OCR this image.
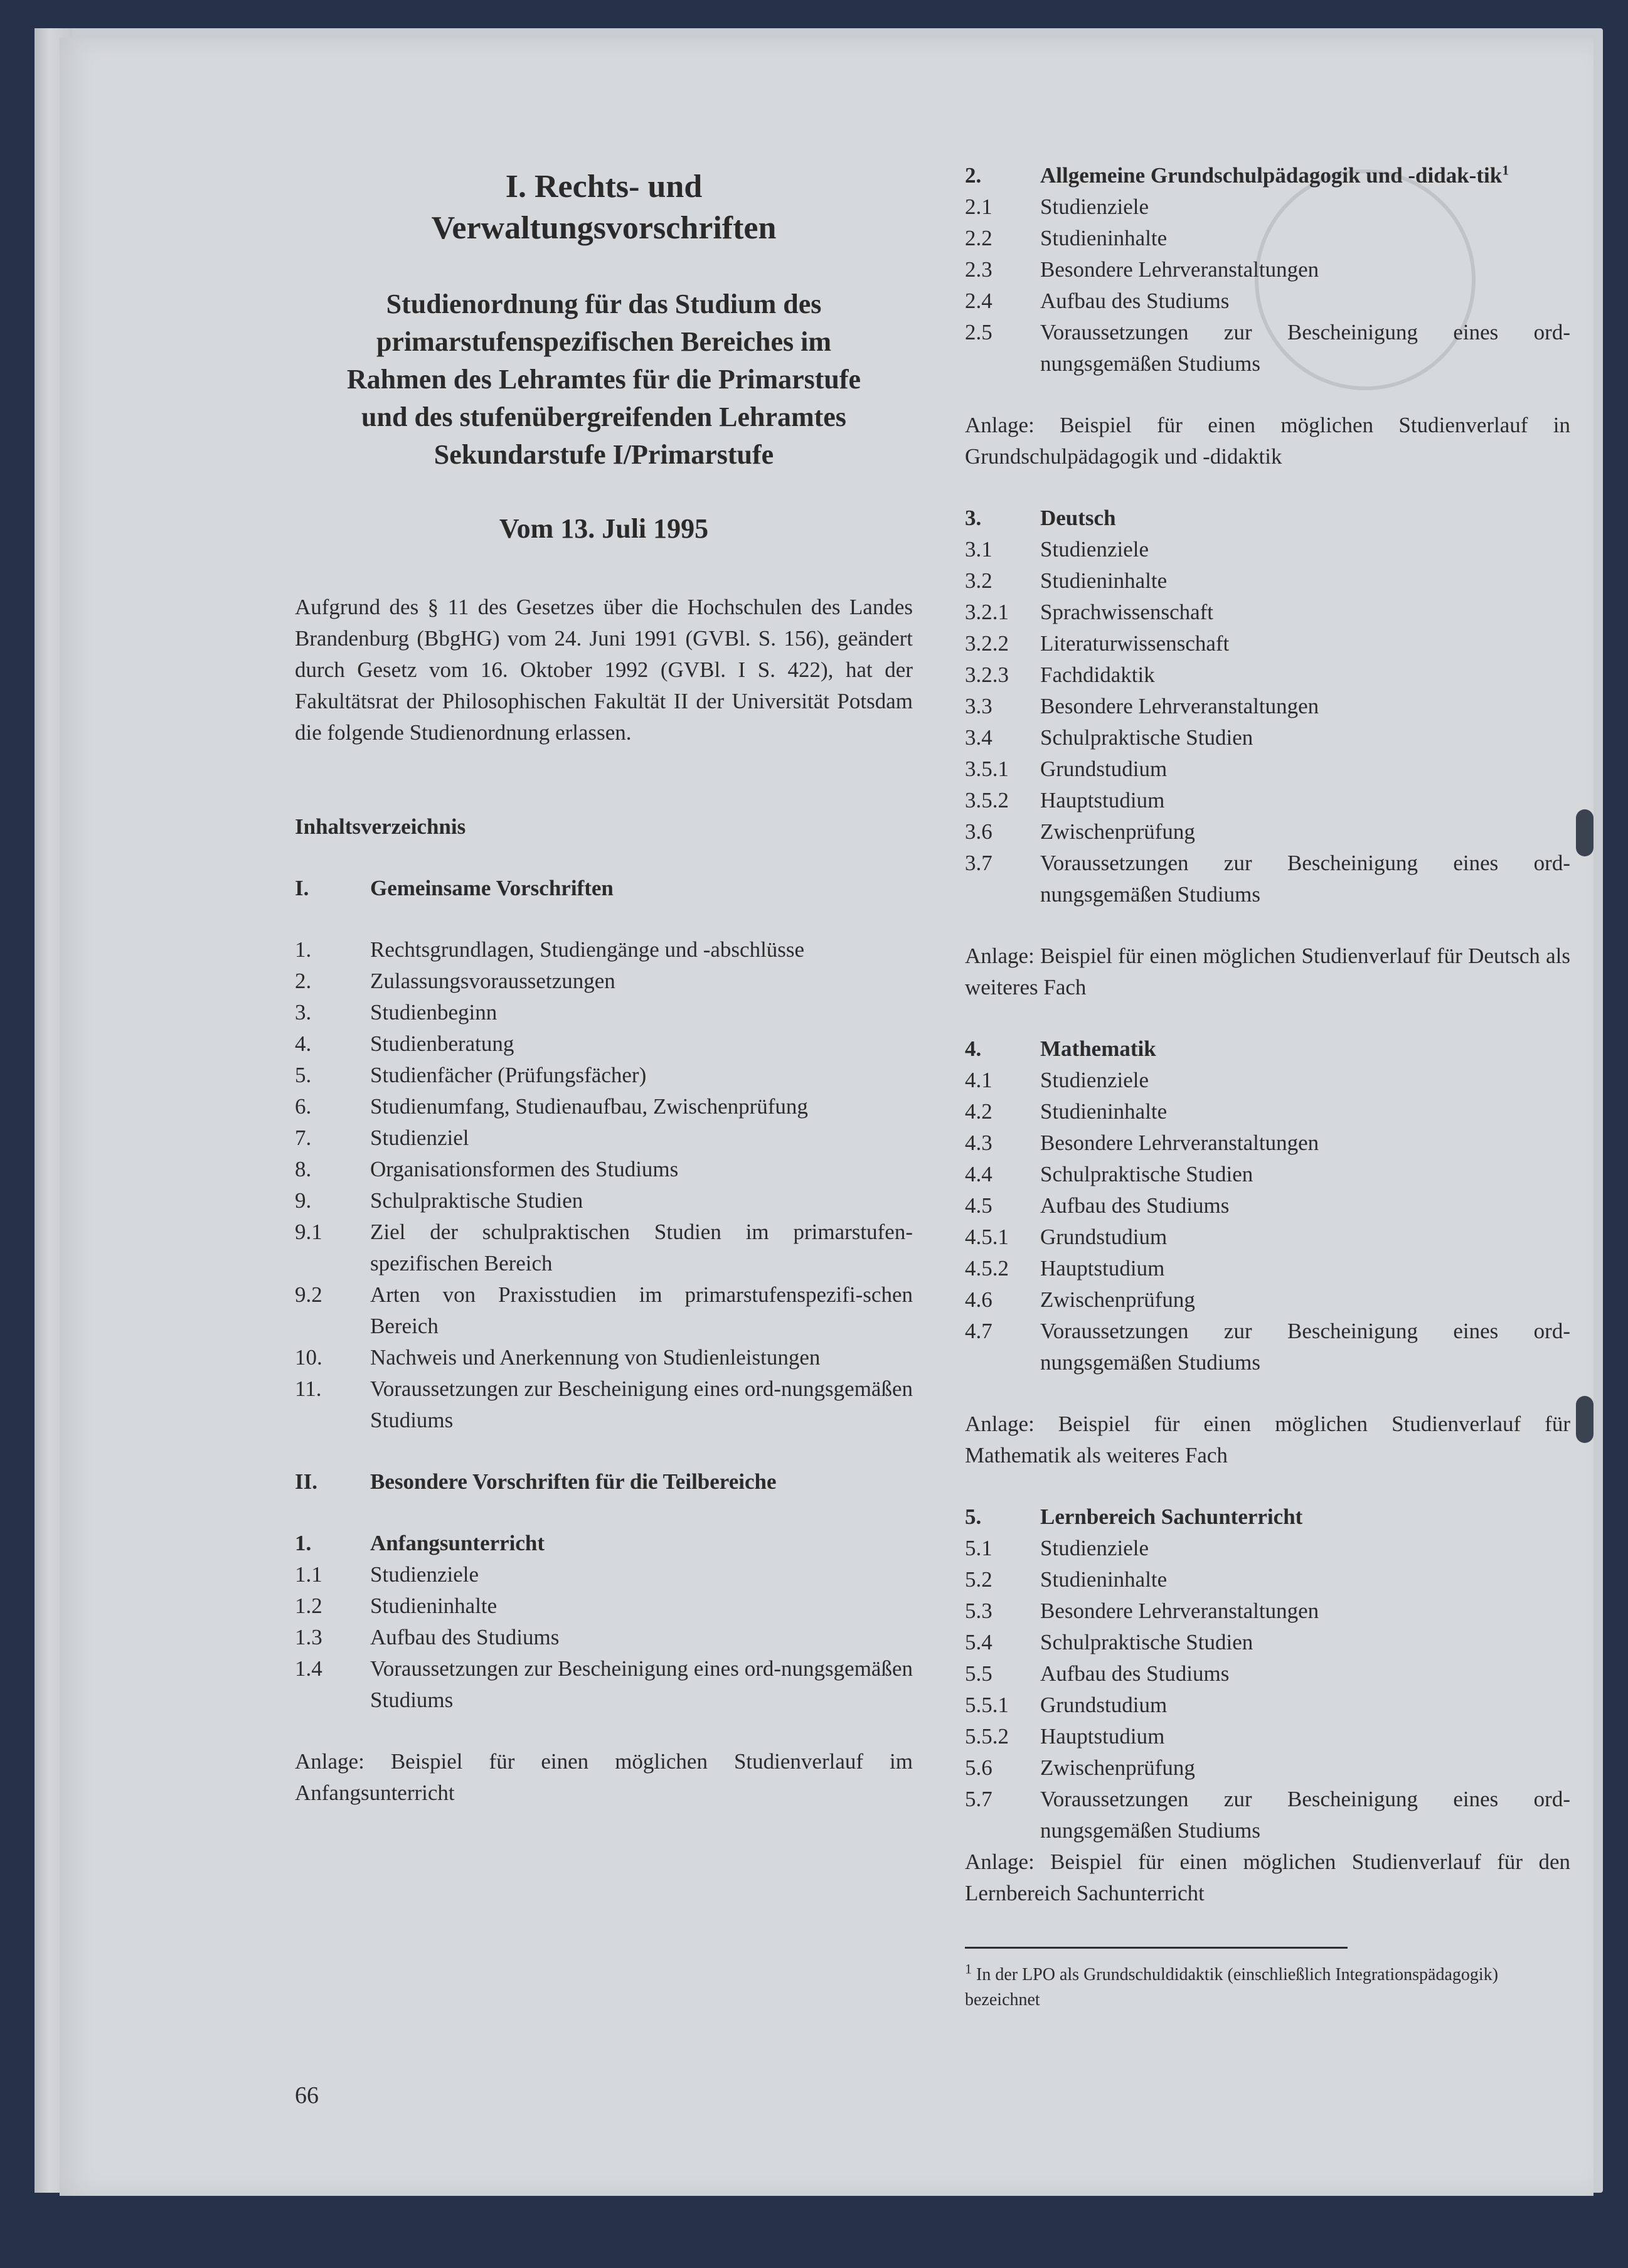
I. Rechts- und
Verwaltungsvorschriften
Studienordnung für das Studium des
primarstufenspezifischen Bereiches im
Rahmen des Lehramtes für die Primarstufe
und des stufenübergreifenden Lehramtes
Sekundarstufe I/Primarstufe
Vom 13. Juli 1995

Aufgrund des § 11 des Gesetzes über die Hochschulen des Landes Brandenburg (BbgHG) vom 24. Juni 1991 (GVBl. S. 156), geändert durch Gesetz vom 16. Oktober 1992 (GVBl. I S. 422), hat der Fakultätsrat der Philosophischen Fakultät II der Universität Potsdam die folgende Studienordnung erlassen.

Inhaltsverzeichnis
I.	Gemeinsame Vorschriften
1.	Rechtsgrundlagen, Studiengänge und -abschlüsse
2.	Zulassungsvoraussetzungen
3.	Studienbeginn
4.	Studienberatung
5.	Studienfächer (Prüfungsfächer)
6.	Studienumfang, Studienaufbau, Zwischenprüfung
7.	Studienziel
8.	Organisationsformen des Studiums
9.	Schulpraktische Studien
9.1	Ziel der schulpraktischen Studien im primarstufen-spezifischen Bereich
9.2	Arten von Praxisstudien im primarstufenspezifi-schen Bereich
10.	Nachweis und Anerkennung von Studienleistungen
11.	Voraussetzungen zur Bescheinigung eines ord-nungsgemäßen Studiums
II.	Besondere Vorschriften für die Teilbereiche
1.	Anfangsunterricht
1.1	Studienziele
1.2	Studieninhalte
1.3	Aufbau des Studiums
1.4	Voraussetzungen zur Bescheinigung eines ord-nungsgemäßen Studiums
Anlage: Beispiel für einen möglichen Studienverlauf im Anfangsunterricht
2.	Allgemeine Grundschulpädagogik und -didak-tik$^1$
2.1	Studienziele
2.2	Studieninhalte
2.3	Besondere Lehrveranstaltungen
2.4	Aufbau des Studiums
2.5	Voraussetzungen zur Bescheinigung eines ord-nungsgemäßen Studiums
Anlage: Beispiel für einen möglichen Studienverlauf in Grundschulpädagogik und -didaktik
3.	Deutsch
3.1	Studienziele
3.2	Studieninhalte
3.2.1	Sprachwissenschaft
3.2.2	Literaturwissenschaft
3.2.3	Fachdidaktik
3.3	Besondere Lehrveranstaltungen
3.4	Schulpraktische Studien
3.5.1	Grundstudium
3.5.2	Hauptstudium
3.6	Zwischenprüfung
3.7	Voraussetzungen zur Bescheinigung eines ord-nungsgemäßen Studiums
Anlage: Beispiel für einen möglichen Studienverlauf für Deutsch als weiteres Fach
4.	Mathematik
4.1	Studienziele
4.2	Studieninhalte
4.3	Besondere Lehrveranstaltungen
4.4	Schulpraktische Studien
4.5	Aufbau des Studiums
4.5.1	Grundstudium
4.5.2	Hauptstudium
4.6	Zwischenprüfung
4.7	Voraussetzungen zur Bescheinigung eines ord-nungsgemäßen Studiums
Anlage: Beispiel für einen möglichen Studienverlauf für Mathematik als weiteres Fach
5.	Lernbereich Sachunterricht
5.1	Studienziele
5.2	Studieninhalte
5.3	Besondere Lehrveranstaltungen
5.4	Schulpraktische Studien
5.5	Aufbau des Studiums
5.5.1	Grundstudium
5.5.2	Hauptstudium
5.6	Zwischenprüfung
5.7	Voraussetzungen zur Bescheinigung eines ord-nungsgemäßen Studiums
Anlage: Beispiel für einen möglichen Studienverlauf für den Lernbereich Sachunterricht
$^1$ In der LPO als Grundschuldidaktik (einschließlich Integrationspädagogik) bezeichnet
66
